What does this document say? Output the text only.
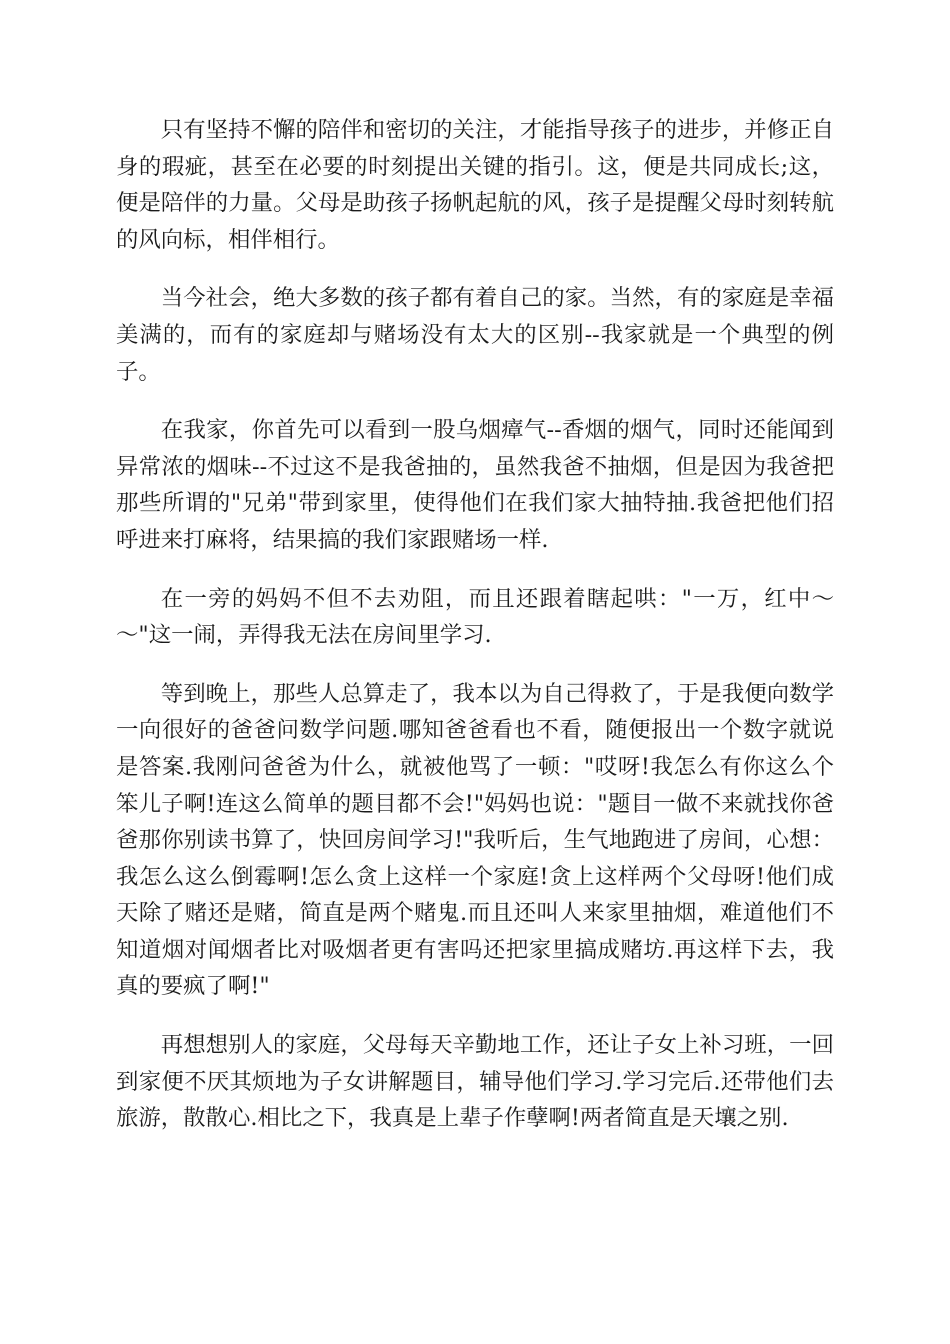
只有坚持不懈的陪伴和密切的关注，才能指导孩子的进步，并修正自身的瑕疵，甚至在必要的时刻提出关键的指引。这，便是共同成长;这，便是陪伴的力量。父母是助孩子扬帆起航的风，孩子是提醒父母时刻转航的风向标，相伴相行。

当今社会，绝大多数的孩子都有着自己的家。当然，有的家庭是幸福美满的，而有的家庭却与赌场没有太大的区别--我家就是一个典型的例子。

在我家，你首先可以看到一股乌烟瘴气--香烟的烟气，同时还能闻到异常浓的烟味--不过这不是我爸抽的，虽然我爸不抽烟，但是因为我爸把那些所谓的"兄弟"带到家里，使得他们在我们家大抽特抽.我爸把他们招呼进来打麻将，结果搞的我们家跟赌场一样.

在一旁的妈妈不但不去劝阻，而且还跟着瞎起哄："一万，红中～～"这一闹，弄得我无法在房间里学习.

等到晚上，那些人总算走了，我本以为自己得救了，于是我便向数学一向很好的爸爸问数学问题.哪知爸爸看也不看，随便报出一个数字就说是答案.我刚问爸爸为什么，就被他骂了一顿："哎呀!我怎么有你这么个笨儿子啊!连这么简单的题目都不会!"妈妈也说："题目一做不来就找你爸爸那你别读书算了，快回房间学习!"我听后，生气地跑进了房间，心想：我怎么这么倒霉啊!怎么贪上这样一个家庭!贪上这样两个父母呀!他们成天除了赌还是赌，简直是两个赌鬼.而且还叫人来家里抽烟，难道他们不知道烟对闻烟者比对吸烟者更有害吗还把家里搞成赌坊.再这样下去，我真的要疯了啊!"

再想想别人的家庭，父母每天辛勤地工作，还让子女上补习班，一回到家便不厌其烦地为子女讲解题目，辅导他们学习.学习完后.还带他们去旅游，散散心.相比之下，我真是上辈子作孽啊!两者简直是天壤之别.
